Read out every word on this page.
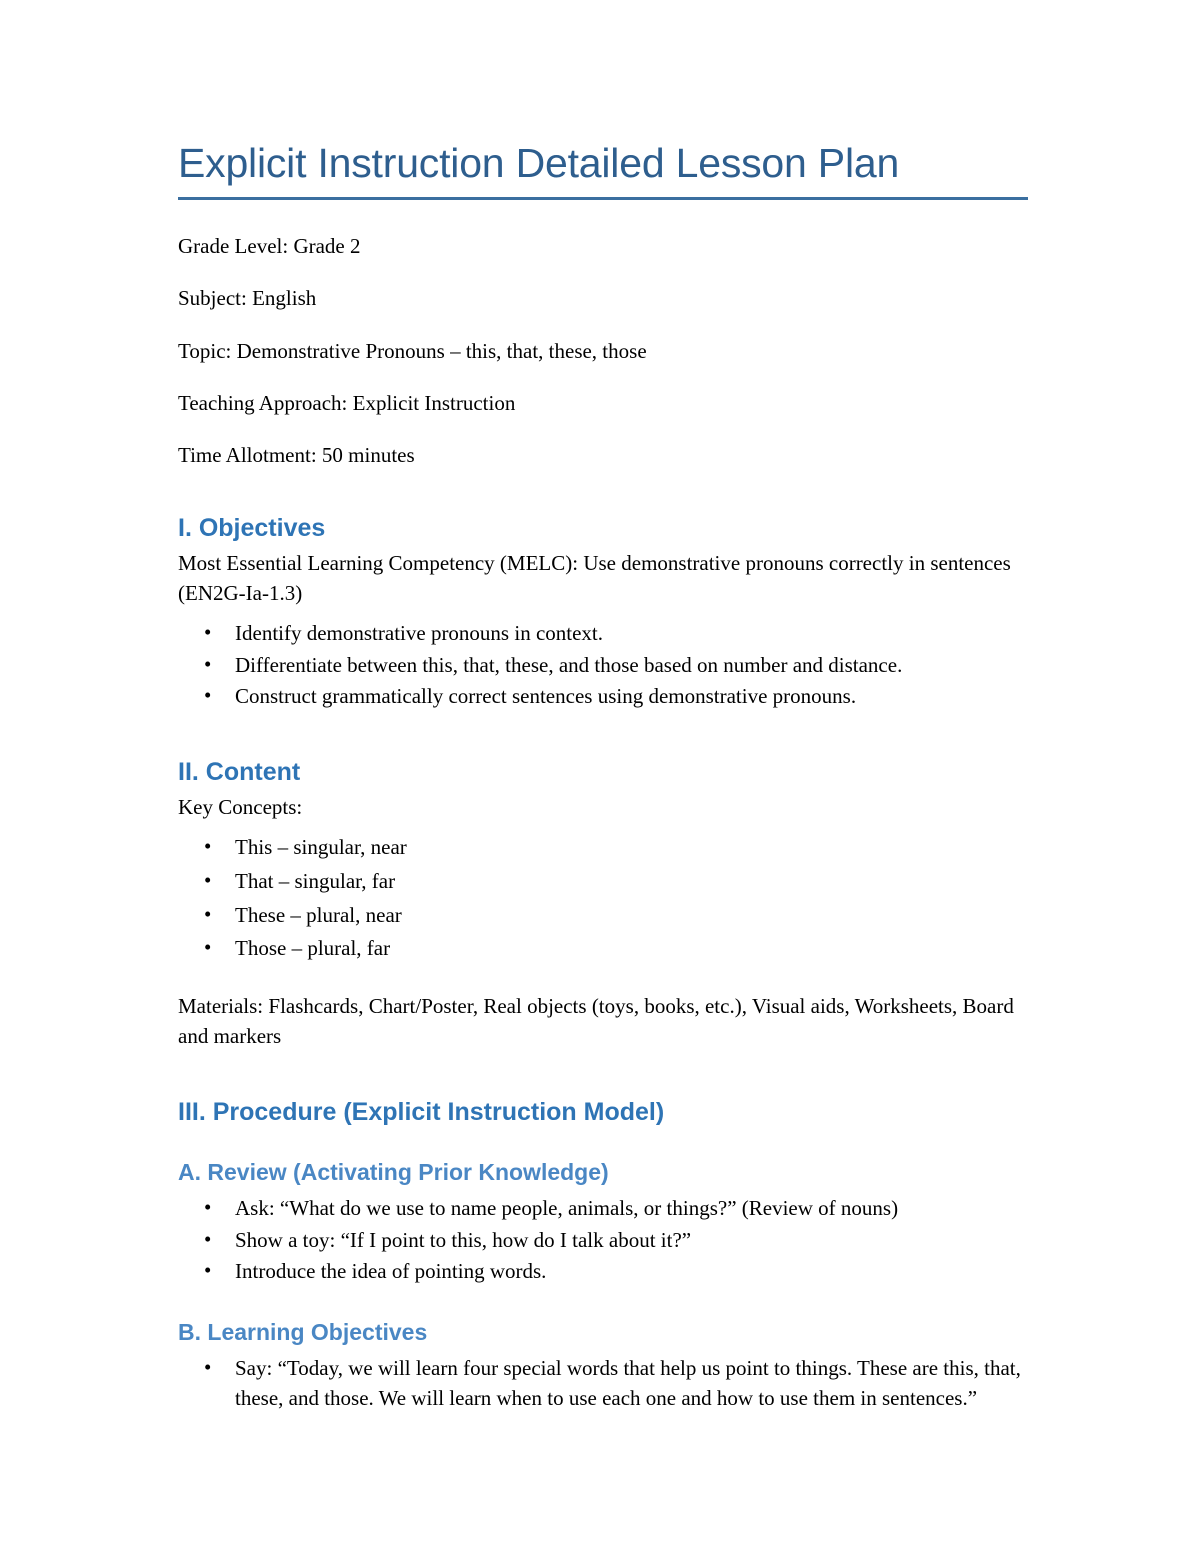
Explicit Instruction Detailed Lesson Plan

Grade Level: Grade 2

Subject: English

Topic: Demonstrative Pronouns – this, that, these, those

Teaching Approach: Explicit Instruction

Time Allotment: 50 minutes

I. Objectives

Most Essential Learning Competency (MELC): Use demonstrative pronouns correctly in sentences (EN2G-Ia-1.3)

• Identify demonstrative pronouns in context.
• Differentiate between this, that, these, and those based on number and distance.
• Construct grammatically correct sentences using demonstrative pronouns.
II. Content

Key Concepts:

• This – singular, near
• That – singular, far
• These – plural, near
• Those – plural, far

Materials: Flashcards, Chart/Poster, Real objects (toys, books, etc.), Visual aids, Worksheets, Board and markers

III. Procedure (Explicit Instruction Model)
A. Review (Activating Prior Knowledge)
• Ask: “What do we use to name people, animals, or things?” (Review of nouns)
• Show a toy: “If I point to this, how do I talk about it?”
• Introduce the idea of pointing words.
B. Learning Objectives
• Say: “Today, we will learn four special words that help us point to things. These are this, that, these, and those. We will learn when to use each one and how to use them in sentences.”
